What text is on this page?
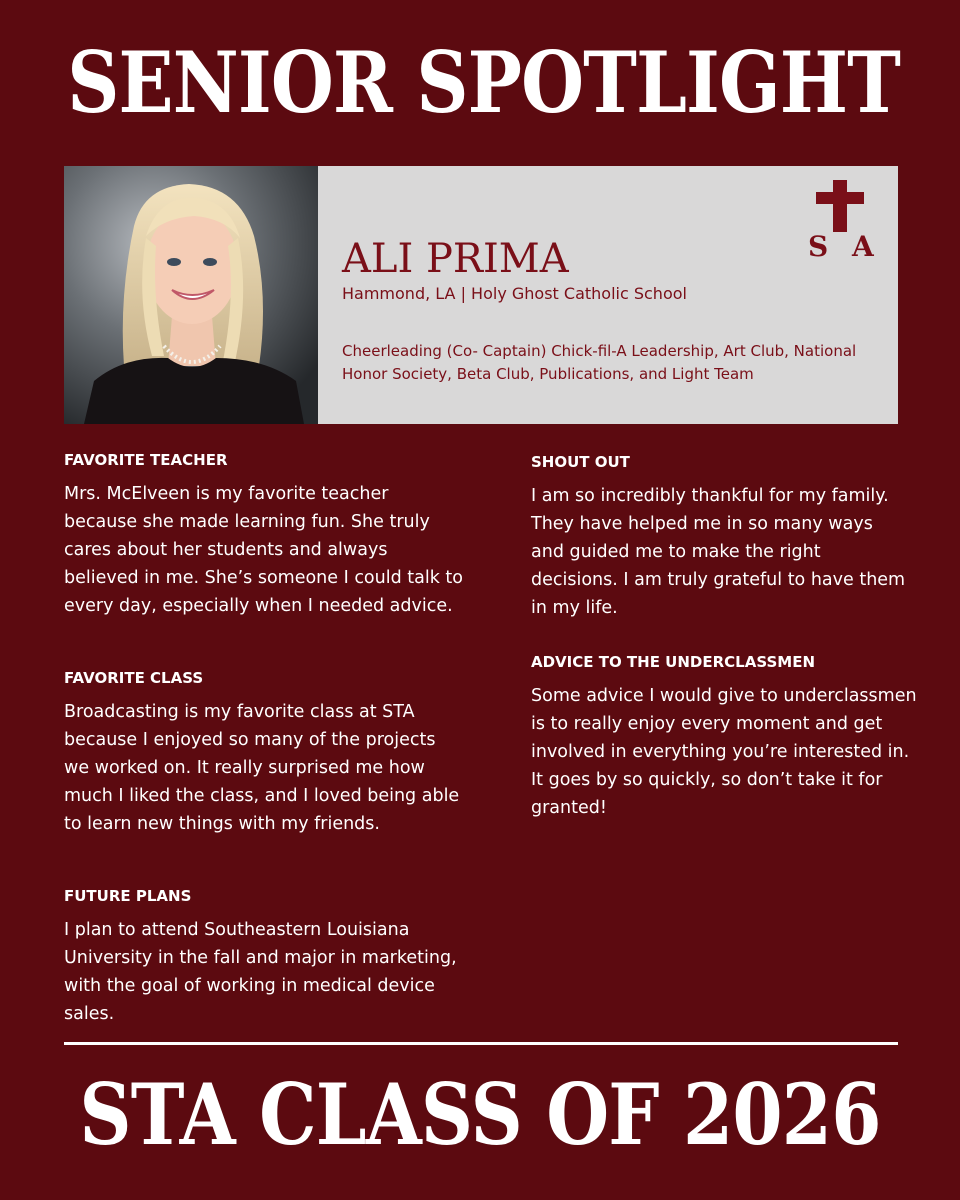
SENIOR SPOTLIGHT
ALI PRIMA
Hammond, LA | Holy Ghost Catholic School
Cheerleading (Co- Captain) Chick-fil-A Leadership, Art Club, National Honor Society, Beta Club, Publications, and Light Team
S A
FAVORITE TEACHER
Mrs. McElveen is my favorite teacher because she made learning fun. She truly cares about her students and always believed in me. She’s someone I could talk to every day, especially when I needed advice.
FAVORITE CLASS
Broadcasting is my favorite class at STA because I enjoyed so many of the projects we worked on. It really surprised me how much I liked the class, and I loved being able to learn new things with my friends.
FUTURE PLANS
I plan to attend Southeastern Louisiana University in the fall and major in marketing, with the goal of working in medical device sales.
SHOUT OUT
I am so incredibly thankful for my family. They have helped me in so many ways and guided me to make the right decisions. I am truly grateful to have them in my life.
ADVICE TO THE UNDERCLASSMEN
Some advice I would give to underclassmen is to really enjoy every moment and get involved in everything you’re interested in. It goes by so quickly, so don’t take it for granted!
STA CLASS OF 2026
